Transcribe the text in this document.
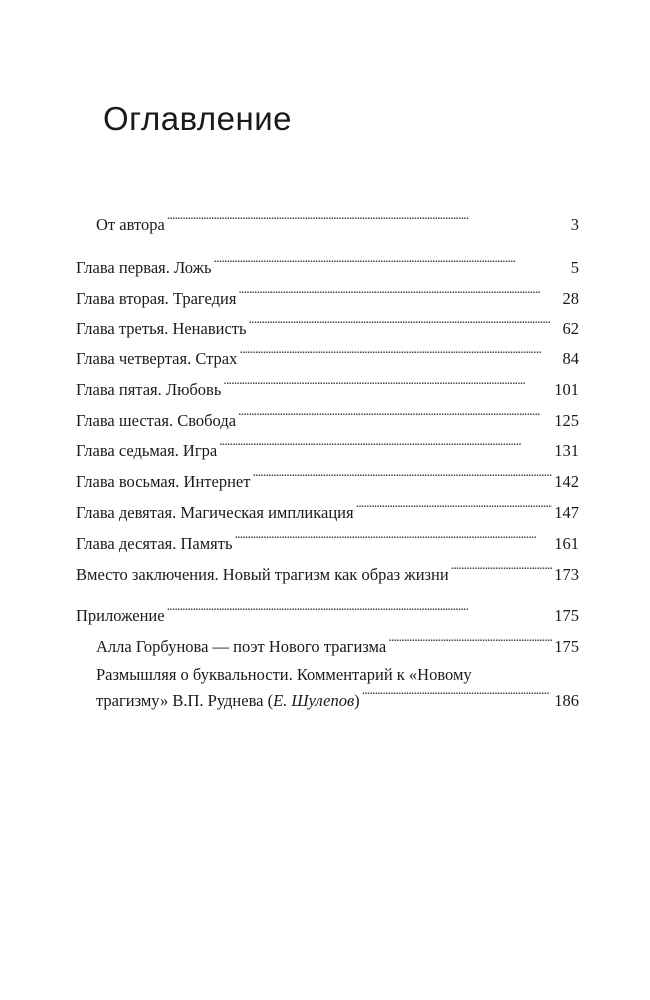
Оглавление
От автора . . .	3
Глава первая. Ложь . . .	5
Глава вторая. Трагедия . . .	28
Глава третья. Ненависть . . .	62
Глава четвертая. Страх . . .	84
Глава пятая. Любовь . . .	101
Глава шестая. Свобода . . .	125
Глава седьмая. Игра . . .	131
Глава восьмая. Интернет . . .	142
Глава девятая. Магическая импликация . . .	147
Глава десятая. Память . . .	161
Вместо заключения. Новый трагизм как образ жизни . . .	173
Приложение . . .	175
Алла Горбунова — поэт Нового трагизма . . .	175
Размышляя о буквальности. Комментарий к «Новому
трагизму» В.П. Руднева (Е. Шулепов) . . .	186
